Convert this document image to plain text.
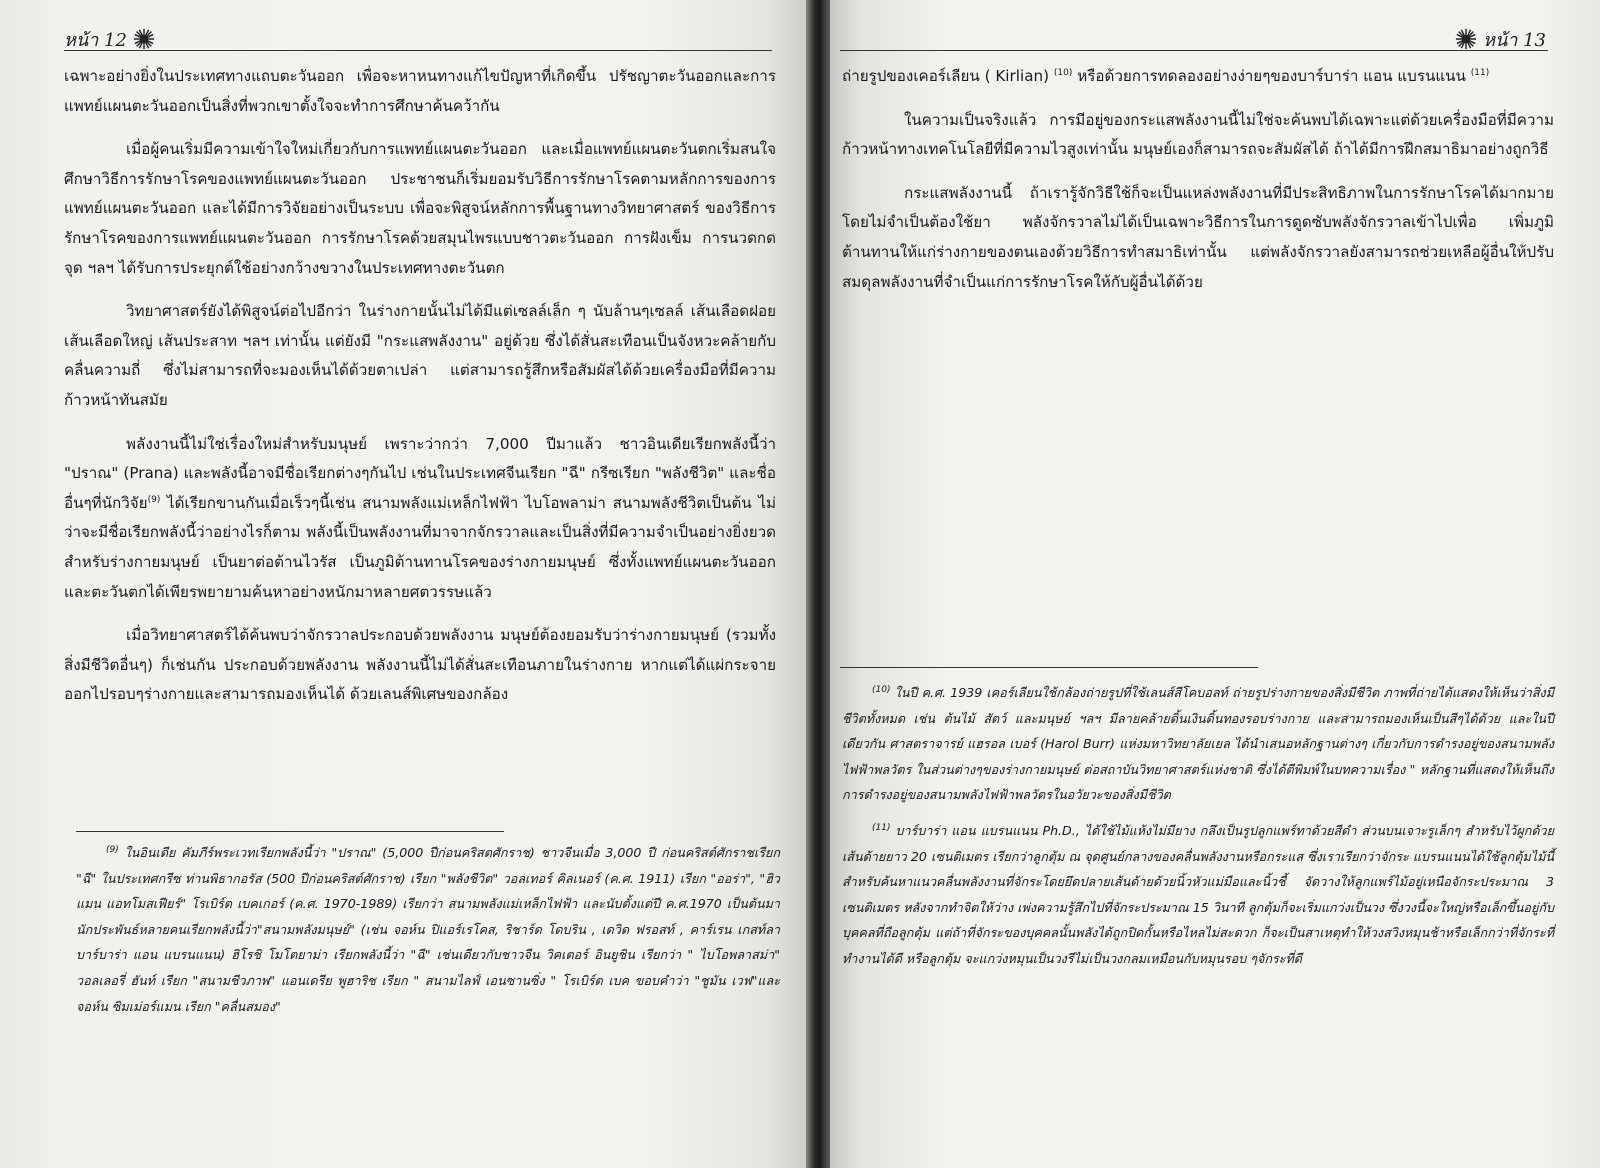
หน้า 12

เฉพาะอย่างยิ่งในประเทศทางแถบตะวันออก เพื่อจะหาหนทางแก้ไขปัญหาที่เกิดขึ้น ปรัชญาตะวันออกและการแพทย์แผนตะวันออกเป็นสิ่งที่พวกเขาตั้งใจจะทำการศึกษาค้นคว้ากัน

เมื่อผู้คนเริ่มมีความเข้าใจใหม่เกี่ยวกับการแพทย์แผนตะวันออก และเมื่อแพทย์แผนตะวันตกเริ่มสนใจศึกษาวิธีการรักษาโรคของแพทย์แผนตะวันออก ประชาชนก็เริ่มยอมรับวิธีการรักษาโรคตามหลักการของการแพทย์แผนตะวันออก และได้มีการวิจัยอย่างเป็นระบบ เพื่อจะพิสูจน์หลักการพื้นฐานทางวิทยาศาสตร์ ของวิธีการรักษาโรคของการแพทย์แผนตะวันออก การรักษาโรคด้วยสมุนไพรแบบชาวตะวันออก การฝังเข็ม การนวดกดจุด ฯลฯ ได้รับการประยุกต์ใช้อย่างกว้างขวางในประเทศทางตะวันตก

วิทยาศาสตร์ยังได้พิสูจน์ต่อไปอีกว่า ในร่างกายนั้นไม่ได้มีแต่เซลล์เล็ก ๆ นับล้านๆเซลล์ เส้นเลือดฝอย เส้นเลือดใหญ่ เส้นประสาท ฯลฯ เท่านั้น แต่ยังมี "กระแสพลังงาน" อยู่ด้วย ซึ่งได้สั่นสะเทือนเป็นจังหวะคล้ายกับคลื่นความถี่ ซึ่งไม่สามารถที่จะมองเห็นได้ด้วยตาเปล่า แต่สามารถรู้สึกหรือสัมผัสได้ด้วยเครื่องมือที่มีความก้าวหน้าทันสมัย

พลังงานนี้ไม่ใช่เรื่องใหม่สำหรับมนุษย์ เพราะว่ากว่า 7,000 ปีมาแล้ว ชาวอินเดียเรียกพลังนี้ว่า "ปราณ" (Prana) และพลังนี้อาจมีชื่อเรียกต่างๆกันไป เช่นในประเทศจีนเรียก "ฉี" กรีซเรียก "พลังชีวิต" และชื่ออื่นๆที่นักวิจัย$^{(9)}$ ได้เรียกขานกันเมื่อเร็วๆนี้เช่น สนามพลังแม่เหล็กไฟฟ้า ไบโอพลาม่า สนามพลังชีวิตเป็นต้น ไม่ว่าจะมีชื่อเรียกพลังนี้ว่าอย่างไรก็ตาม พลังนี้เป็นพลังงานที่มาจากจักรวาลและเป็นสิ่งที่มีความจำเป็นอย่างยิ่งยวด สำหรับร่างกายมนุษย์ เป็นยาต่อต้านไวรัส เป็นภูมิต้านทานโรคของร่างกายมนุษย์ ซึ่งทั้งแพทย์แผนตะวันออกและตะวันตกได้เพียรพยายามค้นหาอย่างหนักมาหลายศตวรรษแล้ว

เมื่อวิทยาศาสตร์ได้ค้นพบว่าจักรวาลประกอบด้วยพลังงาน มนุษย์ต้องยอมรับว่าร่างกายมนุษย์ (รวมทั้งสิ่งมีชีวิตอื่นๆ) ก็เช่นกัน ประกอบด้วยพลังงาน พลังงานนี้ไม่ได้สั่นสะเทือนภายในร่างกาย หากแต่ได้แผ่กระจายออกไปรอบๆร่างกายและสามารถมองเห็นได้ ด้วยเลนส์พิเศษของกล้อง

$^{(9)}$ ในอินเดีย คัมภีร์พระเวทเรียกพลังนี้ว่า "ปราณ" (5,000 ปีก่อนคริสตศักราช) ชาวจีนเมื่อ 3,000 ปี ก่อนคริสต์ศักราชเรียก "ฉี" ในประเทศกรีซ ท่านพิธากอรัส (500 ปีก่อนคริสต์ศักราช) เรียก "พลังชีวิต" วอลเทอร์ คิลเนอร์ (ค.ศ. 1911) เรียก "ออร่า", "ฮิวแมน แอทโมสเฟียร์" โรเบิร์ต เบคเกอร์ (ค.ศ. 1970-1989) เรียกว่า สนามพลังแม่เหล็กไฟฟ้า และนับตั้งแต่ปี ค.ศ.1970 เป็นต้นมา นักประพันธ์หลายคนเรียกพลังนี้ว่า"สนามพลังมนุษย์" (เช่น จอห์น ปิแอร์เรโคส, ริชาร์ด โดบริน , เดวิด ฟรอสท์ , คาร์เรน เกสท์ลา บาร์บาร่า แอน แบรนแนน) ฮิโรชิ โมโตยาม่า เรียกพลังนี้ว่า "ฉี" เช่นเดียวกับชาวจีน วิคเตอร์ อินยูชิน เรียกว่า " ไบโอพลาสม่า" วอลเลอรี่ ฮันท์ เรียก "สนามชีวภาพ" แอนเดรีย พูฮาริช เรียก " สนามไลฟ์ เอนซานซิ่ง " โรเบิร์ต เบค ขอบคำว่า "ชูมัน เวฟ"และจอห์น ซิมเม่อร์แมน เรียก "คลื่นสมอง"

หน้า 13

ถ่ายรูปของเคอร์เลียน ( Kirlian) $^{(10)}$ หรือด้วยการทดลองอย่างง่ายๆของบาร์บาร่า แอน แบรนแนน $^{(11)}$

ในความเป็นจริงแล้ว การมีอยู่ของกระแสพลังงานนี้ไม่ใช่จะค้นพบได้เฉพาะแต่ด้วยเครื่องมือที่มีความก้าวหน้าทางเทคโนโลยีที่มีความไวสูงเท่านั้น มนุษย์เองก็สามารถจะสัมผัสได้ ถ้าได้มีการฝึกสมาธิมาอย่างถูกวิธี

กระแสพลังงานนี้ ถ้าเรารู้จักวิธีใช้ก็จะเป็นแหล่งพลังงานที่มีประสิทธิภาพในการรักษาโรคได้มากมาย โดยไม่จำเป็นต้องใช้ยา พลังจักรวาลไม่ได้เป็นเฉพาะวิธีการในการดูดซับพลังจักรวาลเข้าไปเพื่อ เพิ่มภูมิต้านทานให้แก่ร่างกายของตนเองด้วยวิธีการทำสมาธิเท่านั้น แต่พลังจักรวาลยังสามารถช่วยเหลือผู้อื่นให้ปรับสมดุลพลังงานที่จำเป็นแก่การรักษาโรคให้กับผู้อื่นได้ด้วย

$^{(10)}$ ในปี ค.ศ. 1939 เคอร์เลียนใช้กล้องถ่ายรูปที่ใช้เลนส์สีโคบอลท์ ถ่ายรูปร่างกายของสิ่งมีชีวิต ภาพที่ถ่ายได้แสดงให้เห็นว่าสิ่งมีชีวิตทั้งหมด เช่น ต้นไม้ สัตว์ และมนุษย์ ฯลฯ มีลายคล้ายดิ้นเงินดิ้นทองรอบร่างกาย และสามารถมองเห็นเป็นสีๆได้ด้วย และในปีเดียวกัน ศาสตราจารย์ แฮรอล เบอร์ (Harol Burr) แห่งมหาวิทยาลัยเยล ได้นำเสนอหลักฐานต่างๆ เกี่ยวกับการดำรงอยู่ของสนามพลังไฟฟ้าพลวัตร ในส่วนต่างๆของร่างกายมนุษย์ ต่อสถาบันวิทยาศาสตร์แห่งชาติ ซึ่งได้ตีพิมพ์ในบทความเรื่อง " หลักฐานที่แสดงให้เห็นถึงการดำรงอยู่ของสนามพลังไฟฟ้าพลวัตรในอวัยวะของสิ่งมีชีวิต

$^{(11)}$ บาร์บาร่า แอน แบรนแนน Ph.D., ได้ใช้ไม้แห้งไม่มียาง กลึงเป็นรูปลูกแพร์ทาด้วยสีดำ ส่วนบนเจาะรูเล็กๆ สำหรับไว้ผูกด้วยเส้นด้ายยาว 20 เซนติเมตร เรียกว่าลูกตุ้ม ณ จุดศูนย์กลางของคลื่นพลังงานหรือกระแส ซึ่งเราเรียกว่าจักระ แบรนแนนได้ใช้ลูกตุ้มไม้นี้ สำหรับค้นหาแนวคลื่นพลังงานที่จักระโดยยึดปลายเส้นด้ายด้วยนิ้วหัวแม่มือและนิ้วชี้ จัดวางให้ลูกแพร์ไม้อยู่เหนือจักระประมาณ 3 เซนติเมตร หลังจากทำจิตให้ว่าง เพ่งความรู้สึกไปที่จักระประมาณ 15 วินาที ลูกตุ้มก็จะเริ่มแกว่งเป็นวง ซึ่งวงนี้จะใหญ่หรือเล็กขึ้นอยู่กับบุคคลที่ถือลูกตุ้ม แต่ถ้าที่จักระของบุคคลนั้นพลังได้ถูกปิดกั้นหรือไหลไม่สะดวก ก็จะเป็นสาเหตุทำให้วงสวิงหมุนช้าหรือเล็กกว่าที่จักระที่ทำงานได้ดี หรือลูกตุ้ม จะแกว่งหมุนเป็นวงรีไม่เป็นวงกลมเหมือนกับหมุนรอบ ๆจักระที่ดี
